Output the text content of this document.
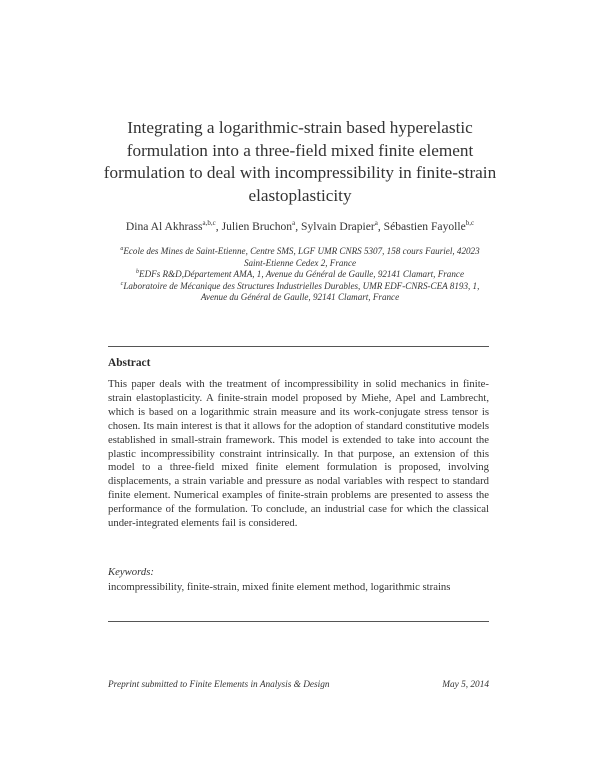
Integrating a logarithmic-strain based hyperelastic formulation into a three-field mixed finite element formulation to deal with incompressibility in finite-strain elastoplasticity
Dina Al Akhrass$^{a,b,c}$, Julien Bruchon$^a$, Sylvain Drapier$^a$, Sébastien Fayolle$^{b,c}$
$^a$Ecole des Mines de Saint-Etienne, Centre SMS, LGF UMR CNRS 5307, 158 cours Fauriel, 42023 Saint-Etienne Cedex 2, France
$^b$EDFs R&D,Département AMA, 1, Avenue du Général de Gaulle, 92141 Clamart, France
$^c$Laboratoire de Mécanique des Structures Industrielles Durables, UMR EDF-CNRS-CEA 8193, 1, Avenue du Général de Gaulle, 92141 Clamart, France
Abstract
This paper deals with the treatment of incompressibility in solid mechanics in finite-strain elastoplasticity. A finite-strain model proposed by Miehe, Apel and Lambrecht, which is based on a logarithmic strain measure and its work-conjugate stress tensor is chosen. Its main interest is that it allows for the adoption of standard constitutive models established in small-strain framework. This model is extended to take into account the plastic incompressibility constraint intrinsically. In that purpose, an extension of this model to a three-field mixed finite element formulation is proposed, involving displacements, a strain variable and pressure as nodal variables with respect to standard finite element. Numerical examples of finite-strain problems are presented to assess the performance of the formulation. To conclude, an industrial case for which the classical under-integrated elements fail is considered.
Keywords:
incompressibility, finite-strain, mixed finite element method, logarithmic strains
Preprint submitted to Finite Elements in Analysis & Design	May 5, 2014
